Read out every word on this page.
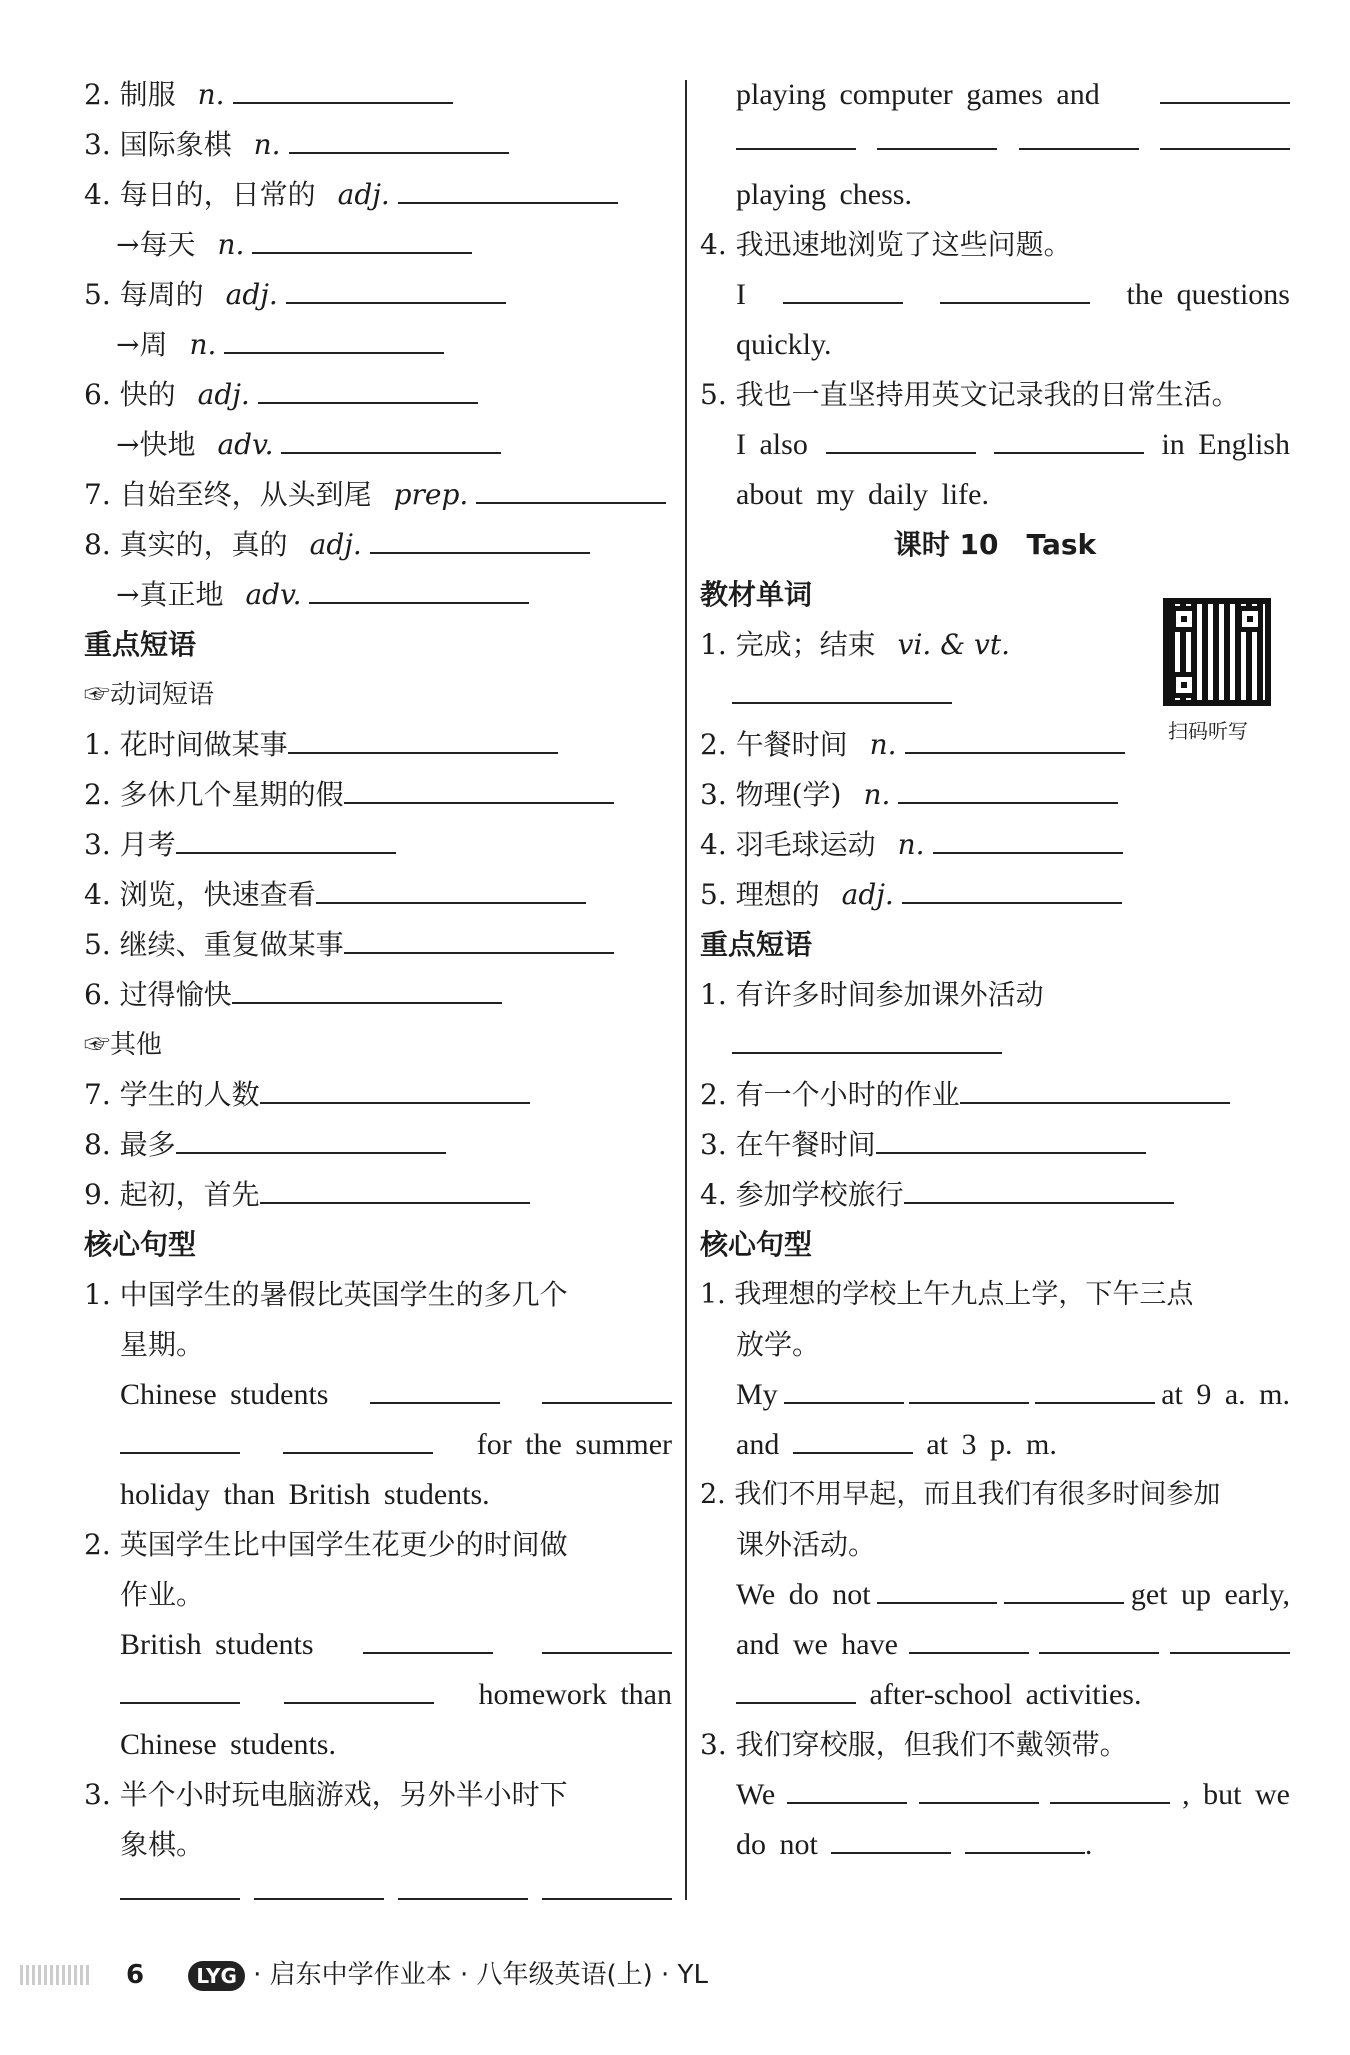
2. 制服 n.
3. 国际象棋 n.
4. 每日的，日常的 adj.
→每天 n.
5. 每周的 adj.
→周 n.
6. 快的 adj.
→快地 adv.
7. 自始至终，从头到尾 prep.
8. 真实的，真的 adj.
→真正地 adv.
重点短语
☞动词短语
1. 花时间做某事
2. 多休几个星期的假
3. 月考
4. 浏览，快速查看
5. 继续、重复做某事
6. 过得愉快
☞其他
7. 学生的人数
8. 最多
9. 起初，首先
核心句型
1. 中国学生的暑假比英国学生的多几个
星期。
Chinese students
for the summer
holiday than British students.
2. 英国学生比中国学生花更少的时间做
作业。
British students
homework than
Chinese students.
3. 半个小时玩电脑游戏，另外半小时下
象棋。
playing computer games and
playing chess.
4. 我迅速地浏览了这些问题。
I	the questions
quickly.
5. 我也一直坚持用英文记录我的日常生活。
I also	in English
about my daily life.
课时 10　Task
教材单词
1. 完成；结束 vi. & vt.
2. 午餐时间 n.
3. 物理(学) n.
4. 羽毛球运动 n.
5. 理想的 adj.
重点短语
1. 有许多时间参加课外活动
2. 有一个小时的作业
3. 在午餐时间
4. 参加学校旅行
核心句型
1. 我理想的学校上午九点上学，下午三点
放学。
My	at 9 a. m.
and	at 3 p. m.
2. 我们不用早起，而且我们有很多时间参加
课外活动。
We do not	get up early,
and we have
after-school activities.
3. 我们穿校服，但我们不戴领带。
We	, but we
do not	.
扫码听写
6	LYG · 启东中学作业本 · 八年级英语(上) · YL
